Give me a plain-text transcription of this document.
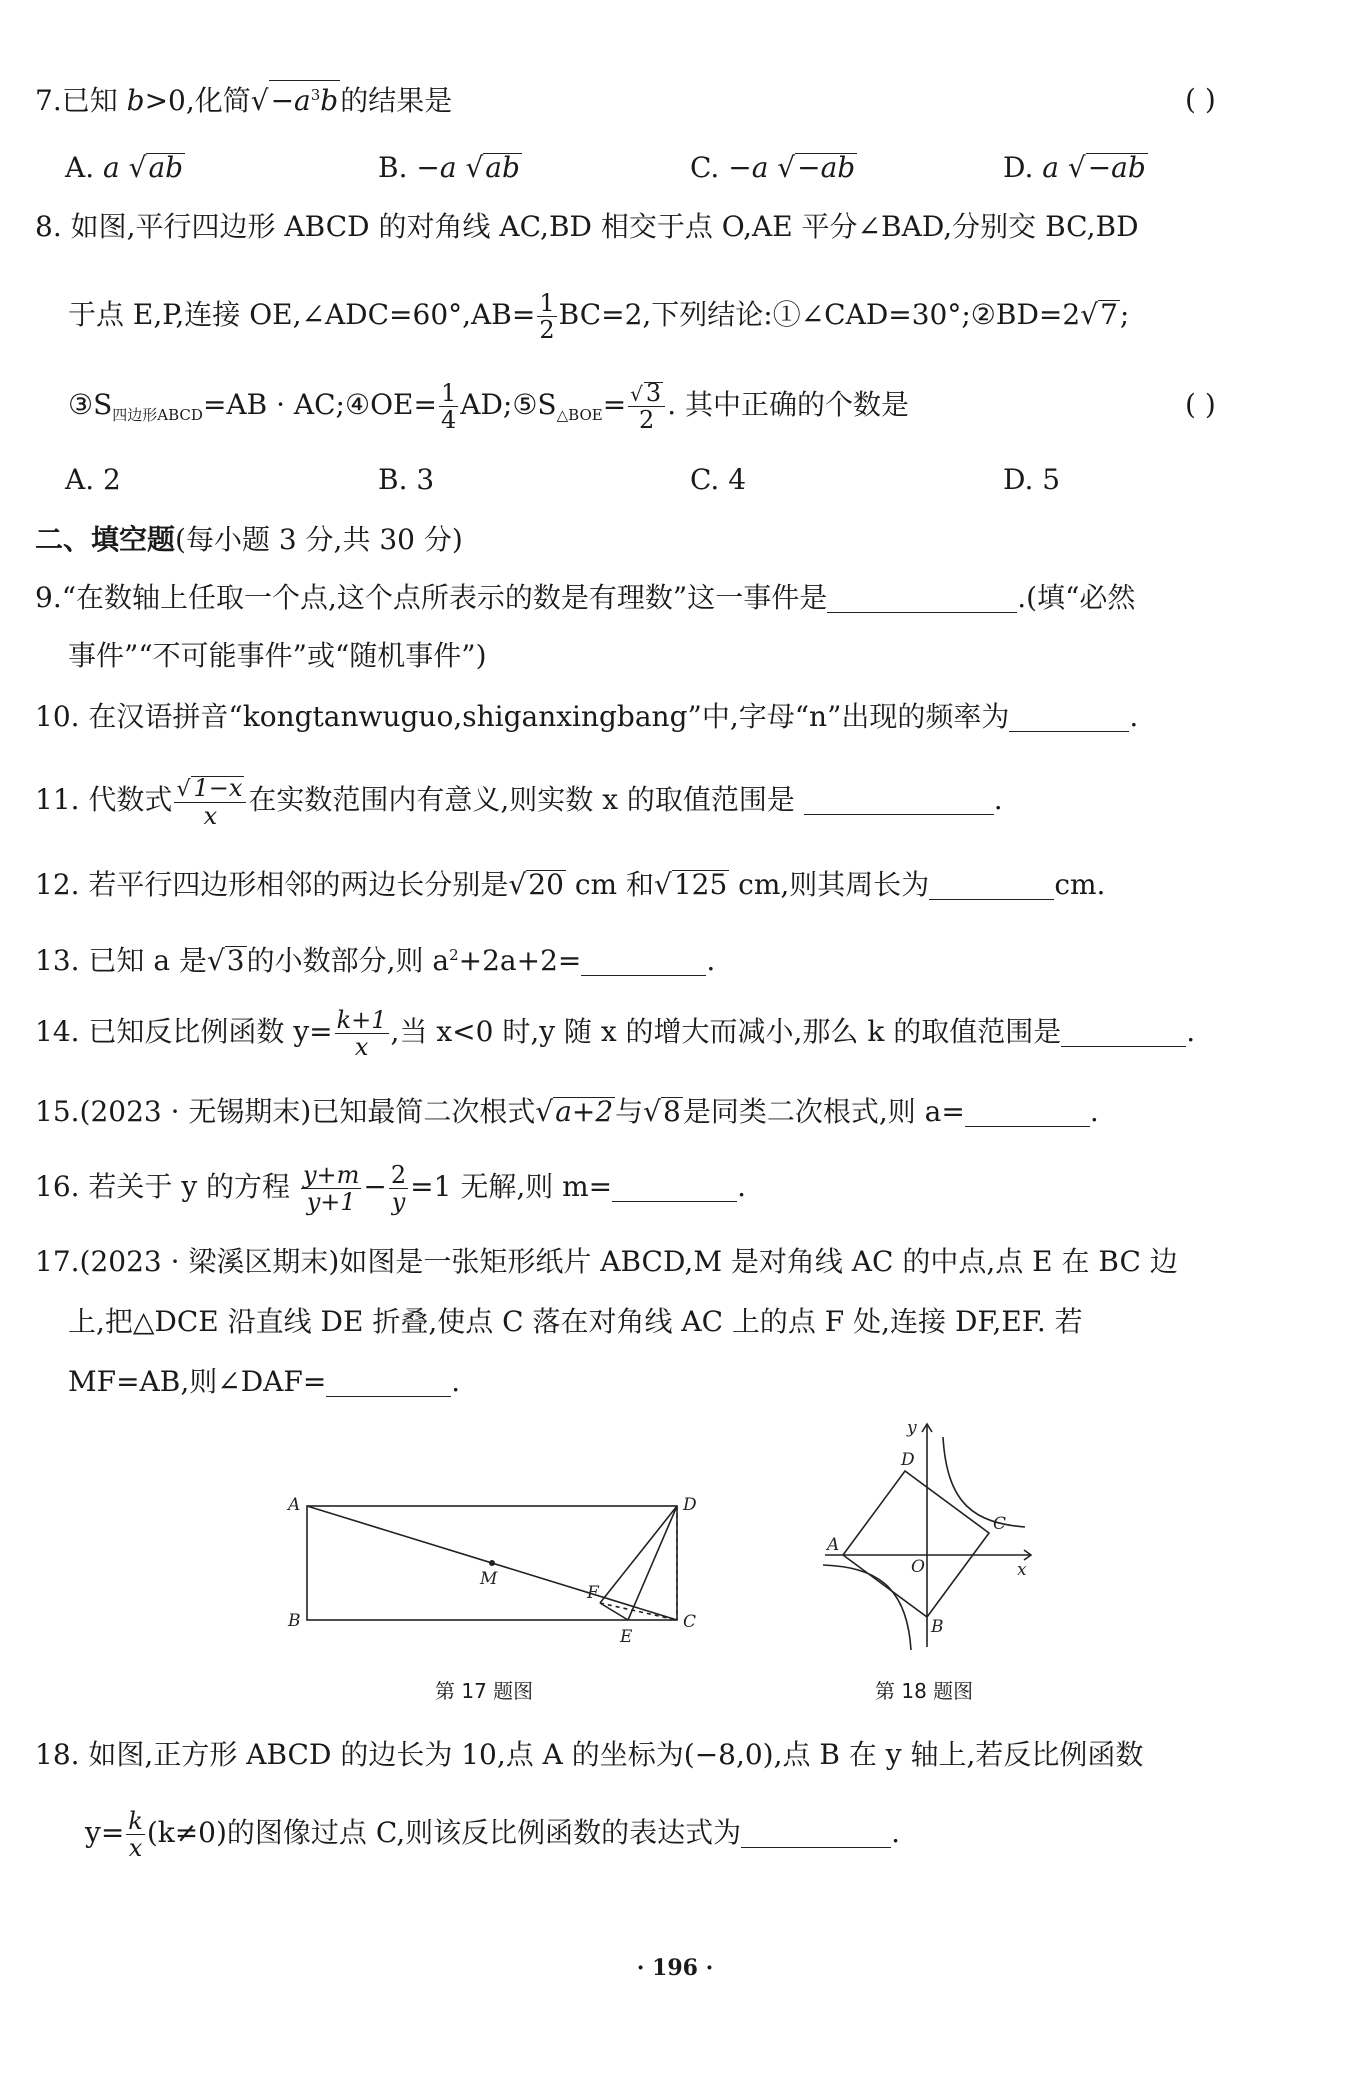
7.已知 b>0,化简$√-a^3b$的结果是	( )
A. a √ab	B. −a √ab	C. −a √−ab	D. a √−ab
8. 如图,平行四边形 ABCD 的对角线 AC,BD 相交于点 O,AE 平分∠BAD,分别交 BC,BD
于点 E,P,连接 OE,∠ADC=60°,AB= $\frac{1}{2} BC=2$,下列结论:①∠CAD=30°;②BD=2√7;
$③S_{四边形ABCD}=AB$ · AC;④OE= $\frac{1}{4}$ $AD;⑤S_{\triangle BOE}= \frac{√ 3}{2}$ . 其中正确的个数是	( )
A. 2	B. 3	C. 4	D. 5
二、填空题(每小题 3 分,共 30 分)
9.“在数轴上任取一个点,这个点所表示的数是有理数”这一事件是	.(填“必然
事件”“不可能事件”或“随机事件”)
10. 在汉语拼音“kongtanwuguo,shiganxingbang”中,字母“n”出现的频率为	.
11. 代数式 $\frac{√ 1-x}{x}$ 在实数范围内有意义,则实数 x 的取值范围是	.
12. 若平行四边形相邻的两边长分别是√20 cm 和√125 cm,则其周长为	cm.
13. 已知 a 是√3的小数部分,则 $a^2+2a+2=$	.
14. 已知反比例函数 $y= \frac{k+1}{x}$ ,当 x<0 时,y 随 x 的增大而减小,那么 k 的取值范围是	.
15.(2023 · 无锡期末)已知最简二次根式√a+2与√8是同类二次根式,则 a=	.
16. 若关于 y 的方程 $\frac{y+m}{y+1} - \frac{2}{y} =1$ 无解,则 m=	.
17.(2023 · 梁溪区期末)如图是一张矩形纸片 ABCD,M 是对角线 AC 的中点,点 E 在 BC 边
上,把△DCE 沿直线 DE 折叠,使点 C 落在对角线 AC 上的点 F 处,连接 DF,EF. 若
MF=AB,则∠DAF=	.
A
B	C
D
E
F
M
第 17 题图
A
B
C
D
O	x
y
第 18 题图
18. 如图,正方形 ABCD 的边长为 10,点 A 的坐标为(−8,0),点 B 在 y 轴上,若反比例函数
$y= \frac{k}{x} (k\ne 0)$的图像过点 C,则该反比例函数的表达式为	.
· 196 ·
